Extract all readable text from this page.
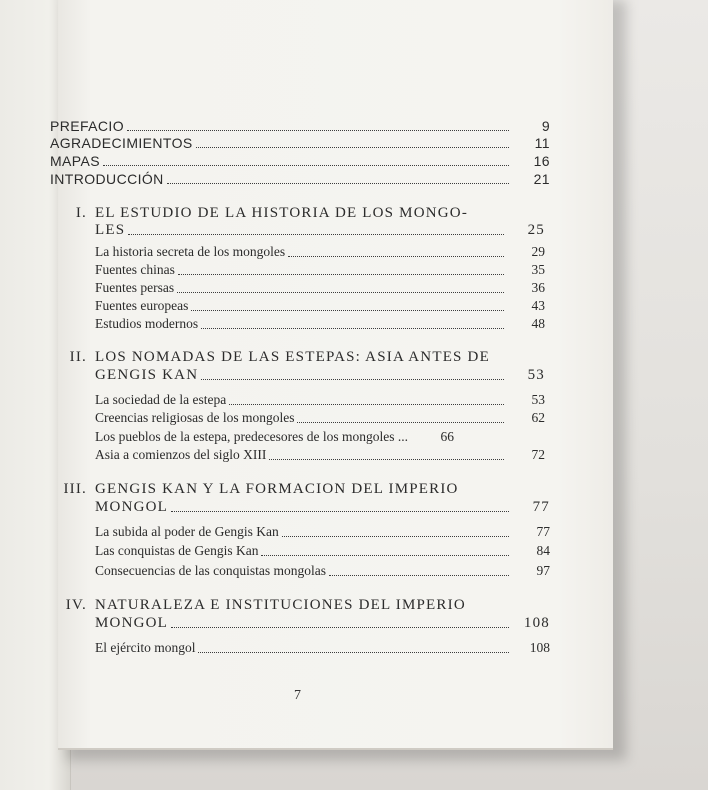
PREFACIO	9
AGRADECIMIENTOS	11
MAPAS	16
INTRODUCCIÓN	21
I. EL ESTUDIO DE LA HISTORIA DE LOS MONGO-
LES	25
La historia secreta de los mongoles	29
Fuentes chinas	35
Fuentes persas	36
Fuentes europeas	43
Estudios modernos	48
II. LOS NOMADAS DE LAS ESTEPAS: ASIA ANTES DE
GENGIS KAN	53
La sociedad de la estepa	53
Creencias religiosas de los mongoles	62
Los pueblos de la estepa, predecesores de los mongoles ...	66
Asia a comienzos del siglo XIII	72
III. GENGIS KAN Y LA FORMACION DEL IMPERIO
MONGOL	77
La subida al poder de Gengis Kan	77
Las conquistas de Gengis Kan	84
Consecuencias de las conquistas mongolas	97
IV. NATURALEZA E INSTITUCIONES DEL IMPERIO
MONGOL	108
El ejército mongol	108
7
